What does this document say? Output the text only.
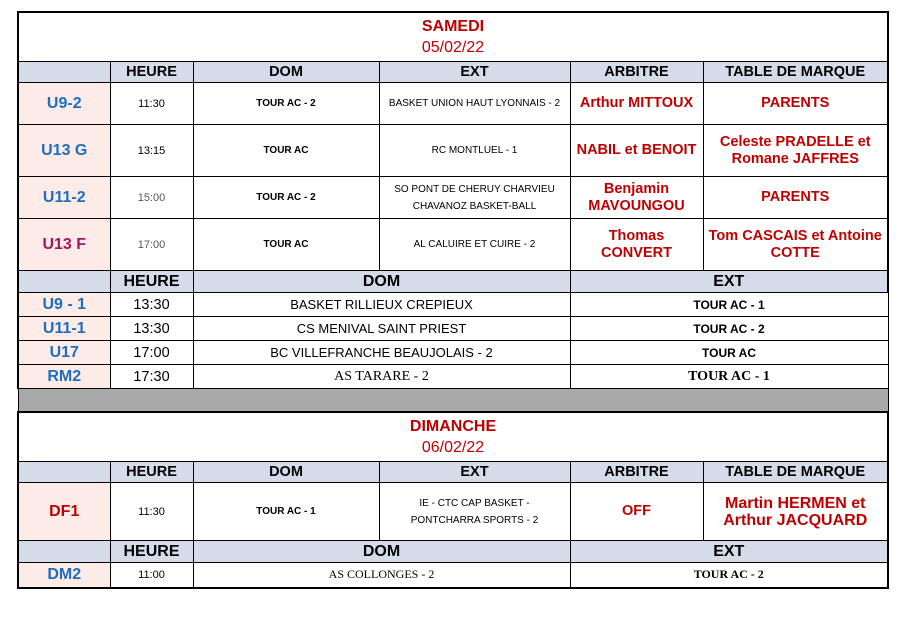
SAMEDI
05/02/22					

	HEURE	DOM	EXT	ARBITRE	TABLE DE MARQUE
U9-2	11:30	TOUR AC - 2	BASKET UNION HAUT LYONNAIS - 2	Arthur MITTOUX	PARENTS
U13 G	13:15	TOUR AC	RC MONTLUEL - 1	NABIL et BENOIT	Celeste PRADELLE et Romane JAFFRES
U11-2	15:00	TOUR AC - 2	SO PONT DE CHERUY CHARVIEU CHAVANOZ BASKET-BALL	Benjamin MAVOUNGOU	PARENTS
U13 F	17:00	TOUR AC	AL CALUIRE ET CUIRE - 2	Thomas CONVERT	Tom CASCAIS et Antoine COTTE
	HEURE	DOM		EXT	
U9 - 1	13:30	BASKET RILLIEUX CREPIEUX		TOUR AC - 1	
U11-1	13:30	CS MENIVAL SAINT PRIEST		TOUR AC - 2	
U17	17:00	BC VILLEFRANCHE BEAUJOLAIS - 2		TOUR AC	
RM2	17:30	AS TARARE - 2		TOUR AC - 1	

DIMANCHE
06/02/22					

	HEURE	DOM	EXT	ARBITRE	TABLE DE MARQUE
DF1	11:30	TOUR AC - 1	IE - CTC CAP BASKET - PONTCHARRA SPORTS - 2	OFF	Martin HERMEN et Arthur JACQUARD
	HEURE	DOM		EXT	
DM2	11:00	AS COLLONGES - 2		TOUR AC - 2	
